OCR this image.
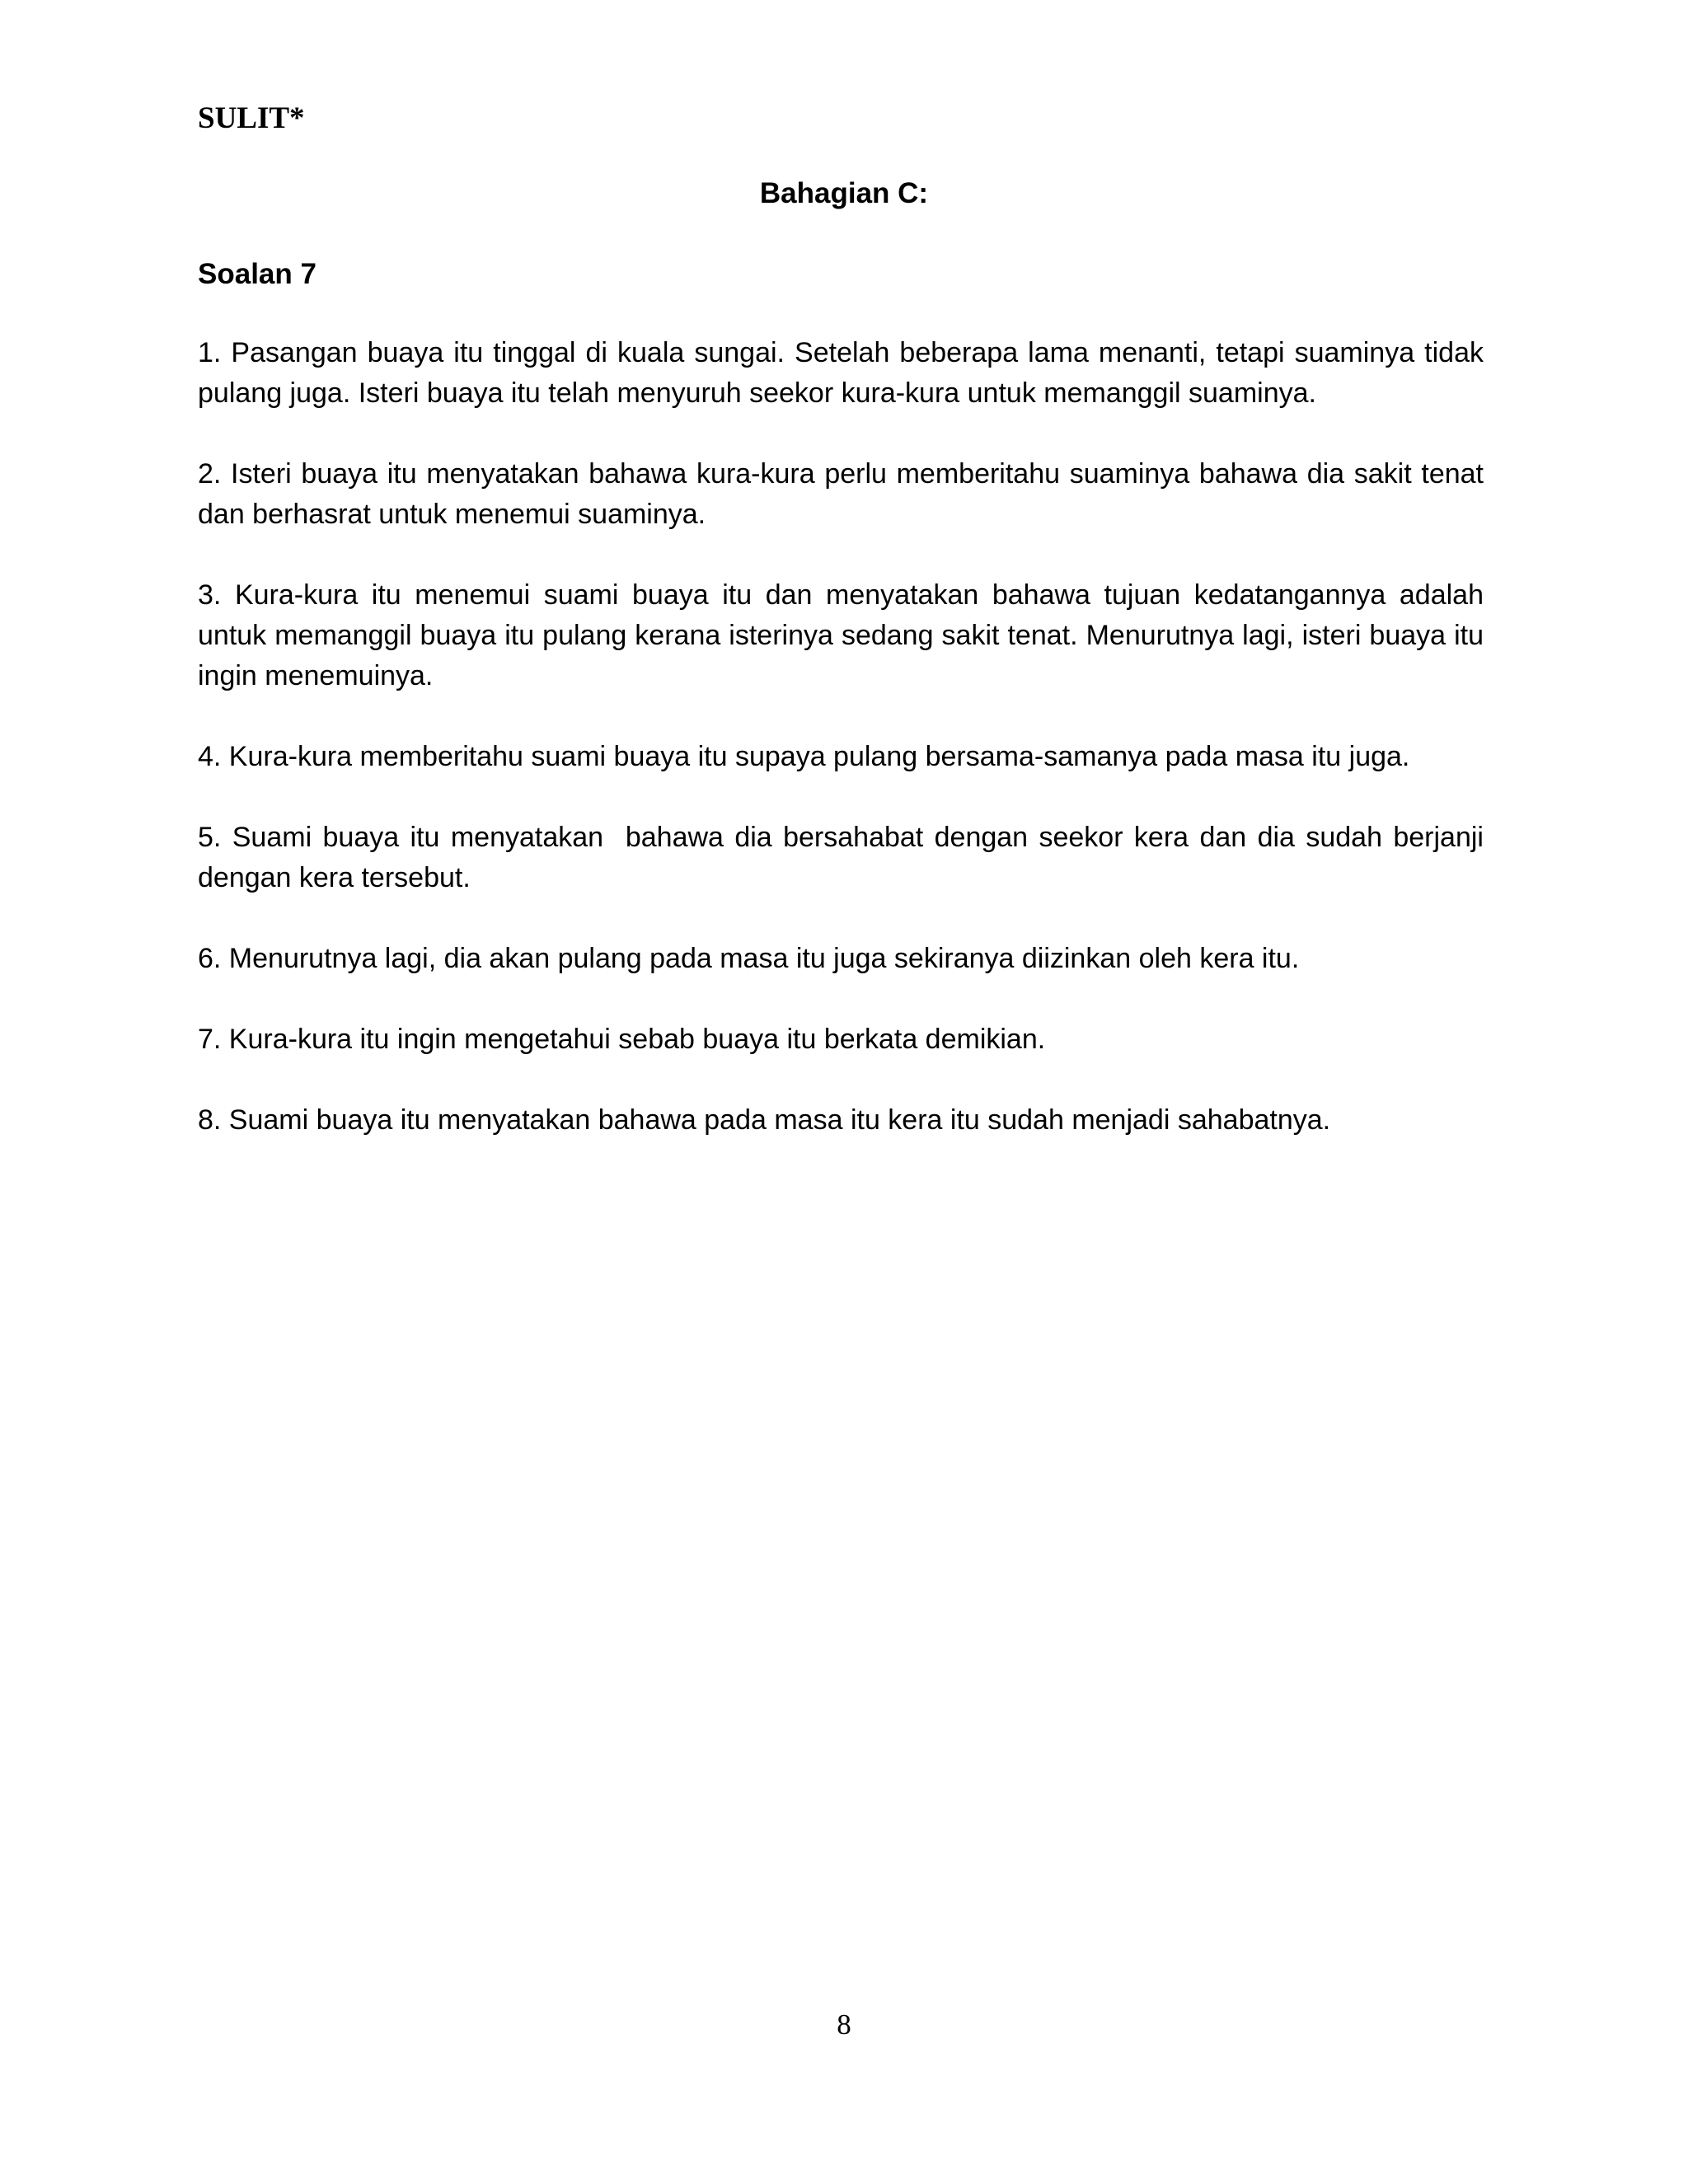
SULIT*

Bahagian C:
Soalan 7
1. Pasangan buaya itu tinggal di kuala sungai. Setelah beberapa lama menanti, tetapi suaminya tidak pulang juga. Isteri buaya itu telah menyuruh seekor kura-kura untuk memanggil suaminya.
2. Isteri buaya itu menyatakan bahawa kura-kura perlu memberitahu suaminya bahawa dia sakit tenat dan berhasrat untuk menemui suaminya.
3. Kura-kura itu menemui suami buaya itu dan menyatakan bahawa tujuan kedatangannya adalah untuk memanggil buaya itu pulang kerana isterinya sedang sakit tenat. Menurutnya lagi, isteri buaya itu ingin menemuinya.
4. Kura-kura memberitahu suami buaya itu supaya pulang bersama-samanya pada masa itu juga.
5. Suami buaya itu menyatakan  bahawa dia bersahabat dengan seekor kera dan dia sudah berjanji dengan kera tersebut.
6. Menurutnya lagi, dia akan pulang pada masa itu juga sekiranya diizinkan oleh kera itu.
7. Kura-kura itu ingin mengetahui sebab buaya itu berkata demikian.
8. Suami buaya itu menyatakan bahawa pada masa itu kera itu sudah menjadi sahabatnya.

8
